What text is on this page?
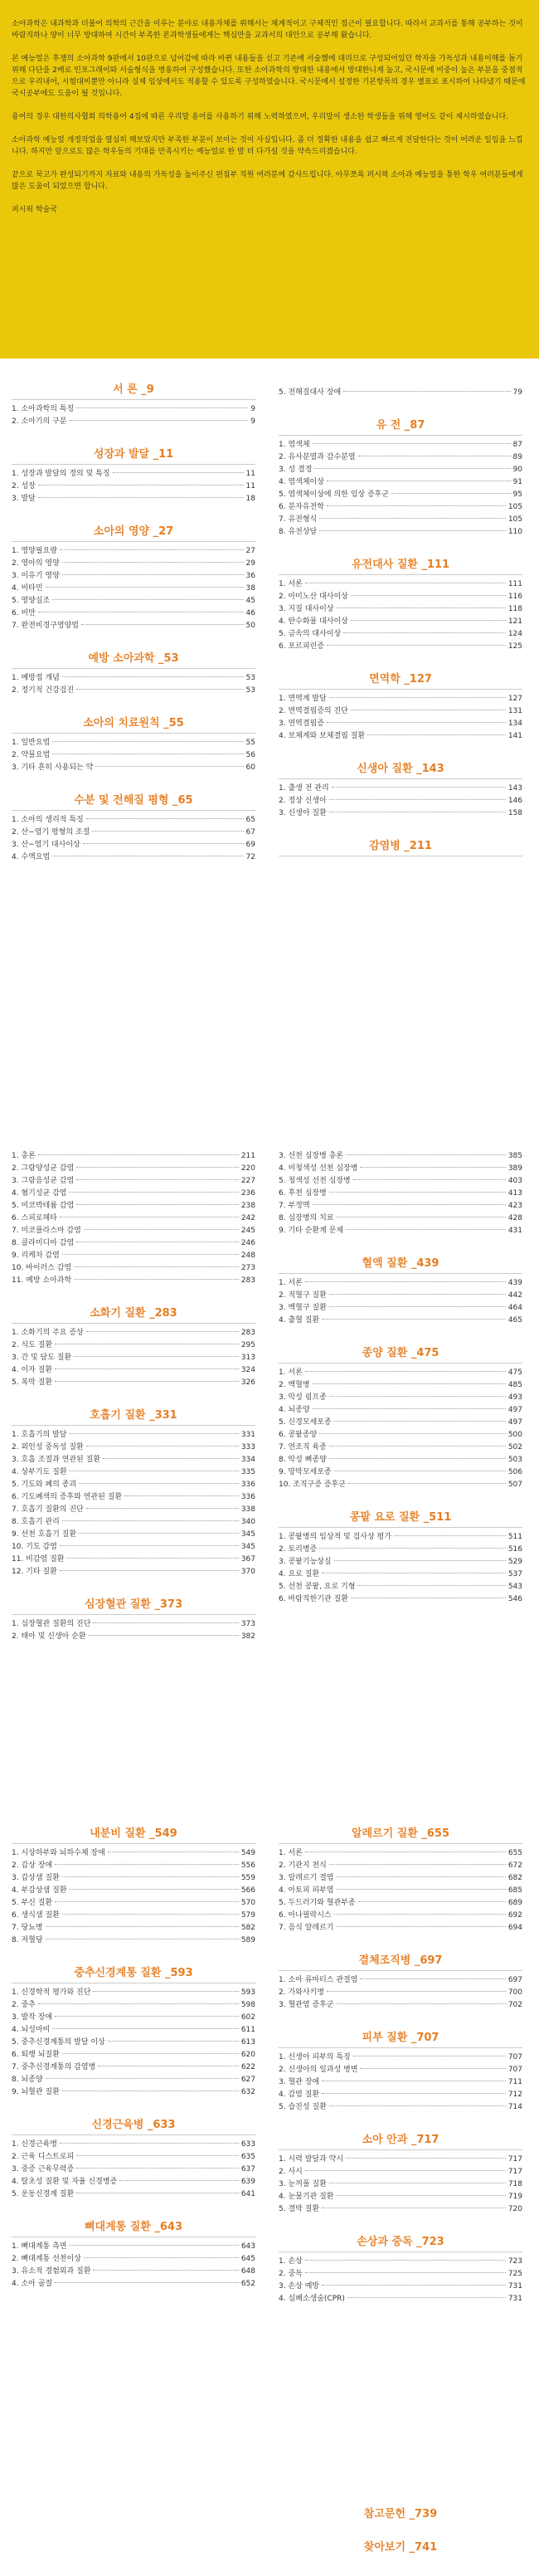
소아과학은 내과학과 더불어 의학의 근간을 이루는 분야로 내용자체를 위해서는 체계적이고 구체적인 접근이 필요합니다. 따라서 교과서를 통해 공부하는 것이 바람직하나 양이 너무 방대하여 시간이 부족한 본과학생들에게는 핵심만을 교과서의 대안으로 공부해 왔습니다.

본 예능얼은 후쟁의 소아과학 9판에서 10판으로 넘어감에 따라 바뀐 내용들을 싣고 기존에 서술했에 대리므로 구성되어있던 학자을 가독성과 내용이해를 돕기 위해 다단을 2배로 인포그래이와 서술형식을 병용하여 구성했습니다. 또한 소아과학의 방대한 내용에서 방대한니게 높고, 국시문에 비중이 높은 부분을 중점적으로 우리내어, 시험대비뿐만 아니라 실제 임상에서도 적용할 수 있도록 구성하였습니다. 국시문에서 설정한 기본항목의 경우 별표로 표시하여 나타냈기 때문에 국시공부에도 도움이 될 것입니다.

용어의 경우 대한의사협회 의학용어 4집에 따른 우리말 용어를 사용하기 위해 노력하였으며, 우리말이 생소한 학생들을 위해 영어도 같이 제시하였습니다.

소아과학 예능얼 개정작업을 열심히 해보았지만 부족한 부분이 보이는 것이 사실입니다. 좀 더 정확한 내용을 쉽고 빠르게 전달한다는 것이 어려운 일임을 느낍니다. 하지만 앞으로도 많은 학우들의 기대를 만족시키는 예능얼로 한 발 더 다가설 것을 약속드리겠습니다.

끝으로 묵고가 완성되기까지 자료와 내용의 가독성을 높이주신 편집부 직원 여러분께 감사드립니다. 아무쪼록 퍼시픽 소아과 예능얼을 통한 학우 여러분들에게 많은 도움이 되었으면 합니다.

퍼시픽 학술국

서 론 _9
1. 소아과학의 특징	9
2. 소아기의 구분	9
성장과 발달 _11
1. 성장과 발달의 정의 및 특징	11
2. 성장	11
3. 발달	18
소아의 영양 _27
1. 영양필요량	27
2. 영아의 영양	29
3. 이유기 영양	36
4. 비타민	38
5. 영양실조	45
6. 비만	46
7. 완전비경구영양법	50
예방 소아과학 _53
1. 예방접 개념	53
2. 정기적 건강검진	53
소아의 치료원칙 _55
1. 일반요법	55
2. 약물요법	56
3. 기타 흔히 사용되는 약	60
수분 및 전해질 평형 _65
1. 소아의 생리적 특징	65
2. 산−염기 평형의 조절	67
3. 산−염기 대사이상	69
4. 수액요법	72
5. 전해질대사 장애	79
유 전 _87
1. 염색체	87
2. 유사분열과 감수분열	89
3. 성 결정	90
4. 염색체이상	91
5. 염색체이상에 의한 임상 증후군	95
6. 분자유전학	105
7. 유전형식	105
8. 유전상담	110
유전대사 질환 _111
1. 서론	111
2. 아미노산 대사이상	116
3. 지질 대사이상	118
4. 탄수화물 대사이상	121
5. 금속의 대사이상	124
6. 포르피린증	125
면역학 _127
1. 면역계 발달	127
2. 면역결핍증의 진단	131
3. 면역결핍증	134
4. 보체계와 보체결핍 질환	141
신생아 질환 _143
1. 출생 전 관리	143
2. 정상 신생아	146
3. 신생아 질환	158
감염병 _211
1. 총론	211
2. 그람양성균 감염	220
3. 그람음성균 감염	227
4. 혐기성균 감염	236
5. 미코박테륨 감염	238
6. 스피로헤타	242
7. 미코플라스마 감염	245
8. 클라미디아 감염	246
9. 리케차 감염	248
10. 바이러스 감염	273
11. 예방 소아과학	283
소화기 질환 _283
1. 소화기의 주요 증상	283
2. 식도 질환	295
3. 간 및 담도 질환	313
4. 이자 질환	324
5. 복막 질환	326
호흡기 질환 _331
1. 호흡기의 발달	331
2. 외인성 중독성 질환	333
3. 호흡 조절과 연관된 질환	334
4. 상부기도 질환	335
5. 기도와 폐의 종괴	336
6. 기도폐색의 증후와 연관된 질환	336
7. 호흡기 질환의 진단	338
8. 호흡기 관리	340
9. 선천 호흡기 질환	345
10. 기도 감염	345
11. 비감염 질환	367
12. 기타 질환	370
심장혈관 질환 _373
1. 심장혈관 질환의 진단	373
2. 태아 및 신생아 순환	382
3. 선천 심장병 총론	385
4. 비청색성 선천 심장병	389
5. 청색성 선천 심장병	403
6. 후천 심장병	413
7. 부정맥	423
8. 심장병의 치료	428
9. 기타 순환계 문제	431
혈액 질환 _439
1. 서론	439
2. 적혈구 질환	442
3. 백혈구 질환	464
4. 출혈 질환	465
종양 질환 _475
1. 서론	475
2. 백혈병	485
3. 악성 림프종	493
4. 뇌종양	497
5. 신경모세포종	497
6. 콩팥종양	500
7. 연조직 육종	502
8. 악성 뼈종양	503
9. 망막모세포종	506
10. 조직구증 증후군	507
콩팥 요로 질환 _511
1. 콩팥병의 임상적 및 검사상 평가	511
2. 토리병증	516
3. 콩팥기능상실	529
4. 요로 질환	537
5. 선천 콩팥, 요로 기형	543
6. 바람직한기관 질환	546
내분비 질환 _549
1. 시상하부와 뇌하수체 장애	549
2. 갑상 장애	556
3. 갑상샘 질환	559
4. 부갑상샘 질환	566
5. 부신 질환	570
6. 생식샘 질환	579
7. 당뇨병	582
8. 저혈당	589
중추신경계통 질환 _593
1. 신경학적 평가와 진단	593
2. 중추	598
3. 발작 장애	602
4. 뇌성마비	611
5. 중추신경계통의 발달 이상	613
6. 퇴행 뇌질환	620
7. 중추신경계통의 감염병	622
8. 뇌종양	627
9. 뇌혈관 질환	632
신경근육병 _633
1. 신경근육병	633
2. 근육 디스트로피	635
3. 중증 근육무력증	637
4. 탈초성 질환 및 자율 신경병증	639
5. 운동신경계 질환	641
뼈대계통 질환 _643
1. 뼈대계통 측면	643
2. 뼈대계통 선천이상	645
3. 유소적 경험외과 질환	648
4. 소아 골절	652
알레르기 질환 _655
1. 서론	655
2. 기관지 천식	672
3. 알레르기 결염	682
4. 아토피 피부염	685
5. 두드러기와 혈관부종	689
6. 아나필락시스	692
7. 음식 알레르기	694
결체조직병 _697
1. 소아 류마티스 관절염	697
2. 가와사키병	700
3. 혈관염 증후군	702
피부 질환 _707
1. 신생아 피부의 특징	707
2. 신생아의 일과성 병변	707
3. 혈관 장애	711
4. 감염 질환	712
5. 습진성 질환	714
소아 안과 _717
1. 시력 발달과 약시	717
2. 사시	717
3. 눈꺼풀 질환	718
4. 눈물기관 질환	719
5. 결막 질환	720
손상과 중독 _723
1. 손상	723
2. 중독	725
3. 손상 예방	731
4. 심폐소생술(CPR)	731
참고문헌 _739
찾아보기 _741
